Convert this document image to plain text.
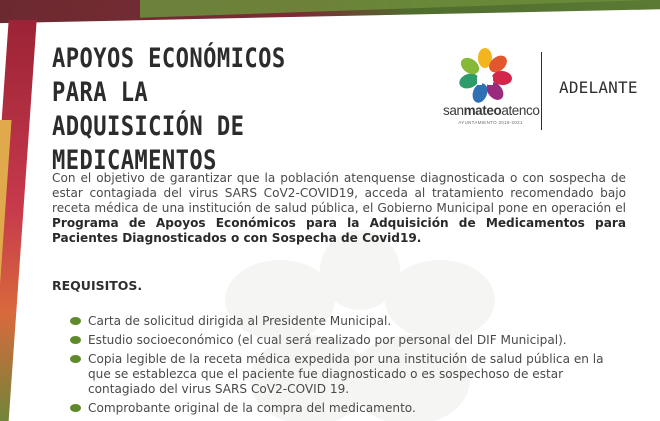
APOYOS ECONÓMICOS PARA LA
ADQUISICIÓN DE MEDICAMENTOS
sanmateoatenco
AYUNTAMIENTO 2019-2021
ADELANTE

Con el objetivo de garantizar que la población atenquense diagnosticada o con sospecha de estar contagiada del virus SARS CoV2-COVID19, acceda al tratamiento recomendado bajo receta médica de una institución de salud pública, el Gobierno Municipal pone en operación el Programa de Apoyos Económicos para la Adquisición de Medicamentos para Pacientes Diagnosticados o con Sospecha de Covid19.

REQUISITOS.
Carta de solicitud dirigida al Presidente Municipal.
Estudio socioeconómico (el cual será realizado por personal del DIF Municipal).
Copia legible de la receta médica expedida por una institución de salud pública en la que se establezca que el paciente fue diagnosticado o es sospechoso de estar contagiado del virus SARS CoV2-COVID 19.
Comprobante original de la compra del medicamento.
